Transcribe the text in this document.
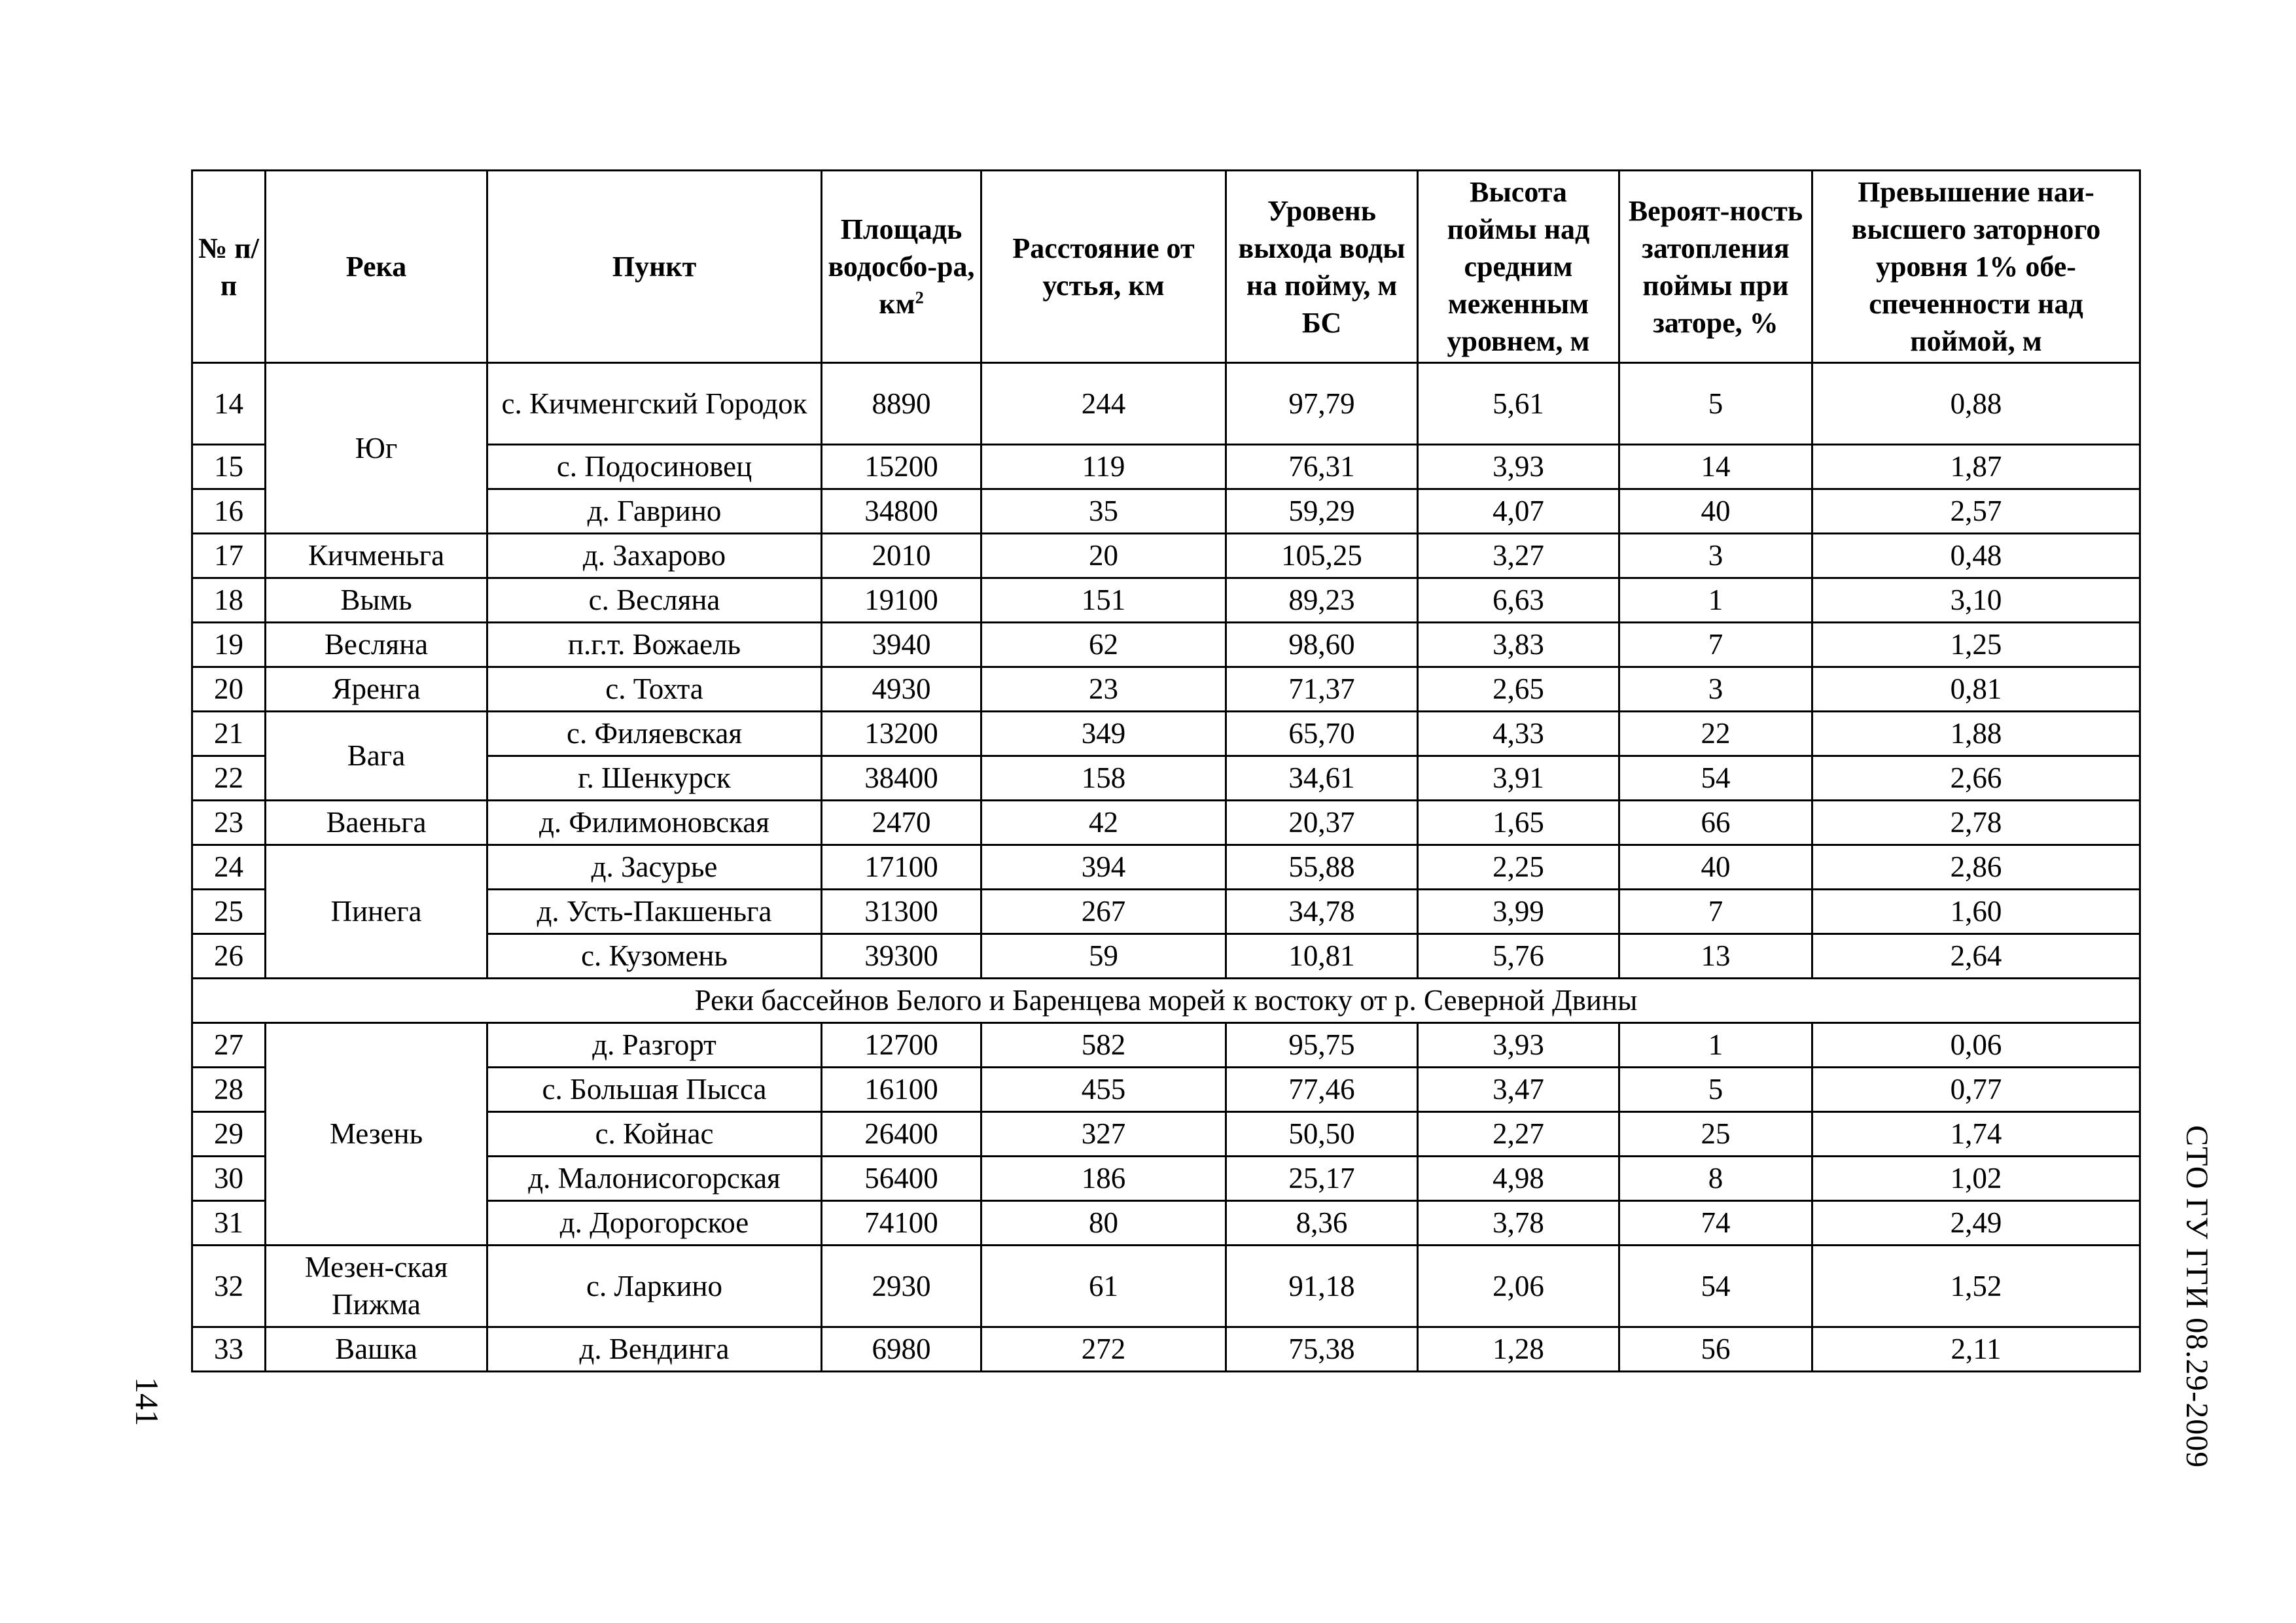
№ п/п	Река	Пункт	Площадь водосбо-ра, $км^2$	Расстояние от устья, км	Уровень выхода воды на пойму, м БС	Высота поймы над средним меженным уровнем, м	Вероят-ность затопления поймы при заторе, %	Превышение наи-высшего заторного уровня 1% обе-спеченности над поймой, м
14	Юг	с. Кичменгский Городок	8890	244	97,79	5,61	5	0,88
15		с. Подосиновец	15200	119	76,31	3,93	14	1,87
16		д. Гаврино	34800	35	59,29	4,07	40	2,57
17	Кичменьга	д. Захарово	2010	20	105,25	3,27	3	0,48
18	Вымь	с. Весляна	19100	151	89,23	6,63	1	3,10
19	Весляна	п.г.т. Вожаель	3940	62	98,60	3,83	7	1,25
20	Яренга	с. Тохта	4930	23	71,37	2,65	3	0,81
21	Вага	с. Филяевская	13200	349	65,70	4,33	22	1,88
22		г. Шенкурск	38400	158	34,61	3,91	54	2,66
23	Ваеньга	д. Филимоновская	2470	42	20,37	1,65	66	2,78
24	Пинега	д. Засурье	17100	394	55,88	2,25	40	2,86
25		д. Усть-Пакшеньга	31300	267	34,78	3,99	7	1,60
26		с. Кузомень	39300	59	10,81	5,76	13	2,64
Реки бассейнов Белого и Баренцева морей к востоку от р. Северной Двины								
27	Мезень	д. Разгорт	12700	582	95,75	3,93	1	0,06
28		с. Большая Пысса	16100	455	77,46	3,47	5	0,77
29		с. Койнас	26400	327	50,50	2,27	25	1,74
30		д. Малонисогорская	56400	186	25,17	4,98	8	1,02
31		д. Дорогорское	74100	80	8,36	3,78	74	2,49
32	Мезен-ская Пижма	с. Ларкино	2930	61	91,18	2,06	54	1,52
33	Вашка	д. Вендинга	6980	272	75,38	1,28	56	2,11	СТО ГУ ГГИ 08.29-2009
141
